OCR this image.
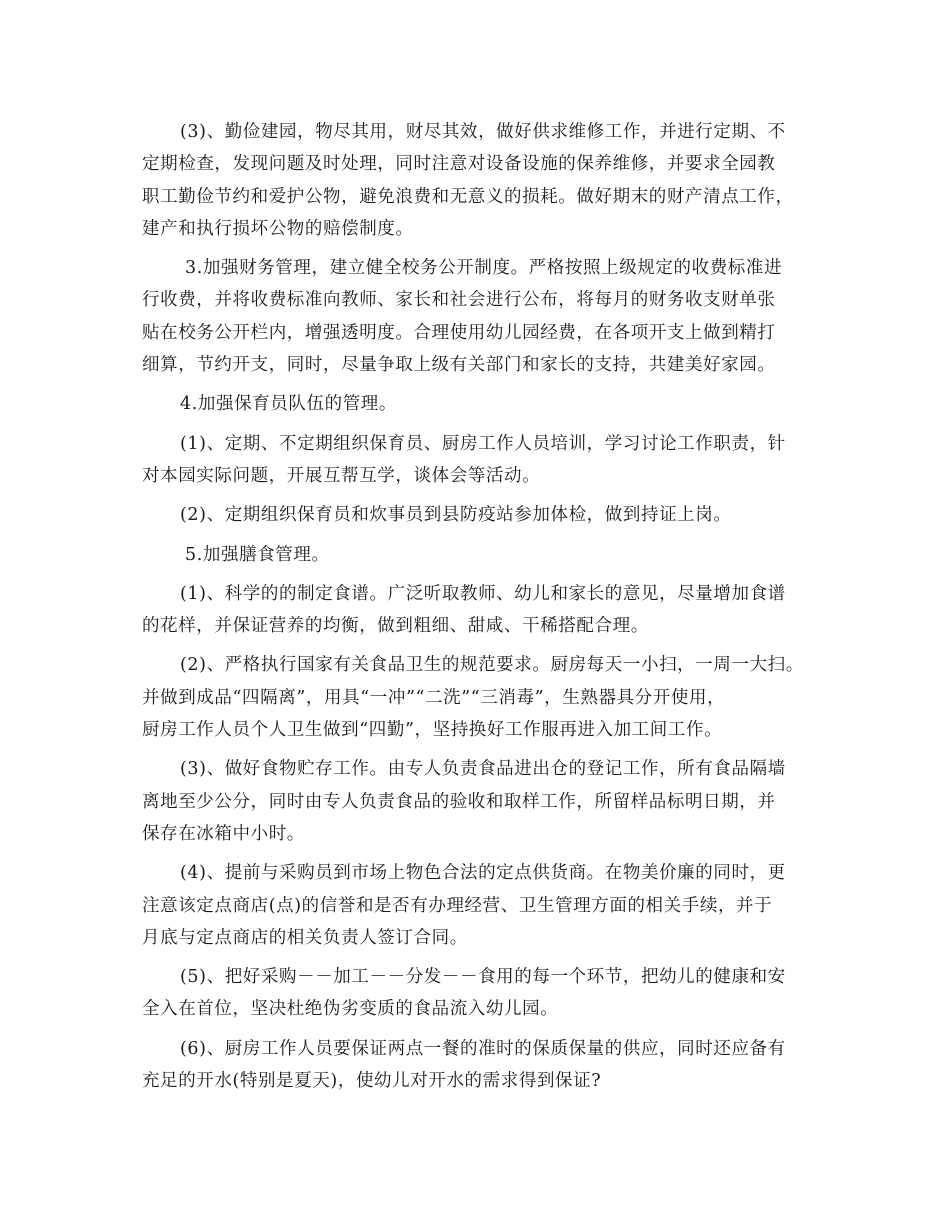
(3)、勤俭建园，物尽其用，财尽其效，做好供求维修工作，并进行定期、不
定期检查，发现问题及时处理，同时注意对设备设施的保养维修，并要求全园教
职工勤俭节约和爱护公物，避免浪费和无意义的损耗。做好期末的财产清点工作，
建产和执行损坏公物的赔偿制度。
3.加强财务管理，建立健全校务公开制度。严格按照上级规定的收费标准进
行收费，并将收费标准向教师、家长和社会进行公布，将每月的财务收支财单张
贴在校务公开栏内，增强透明度。合理使用幼儿园经费，在各项开支上做到精打
细算，节约开支，同时，尽量争取上级有关部门和家长的支持，共建美好家园。
4.加强保育员队伍的管理。
(1)、定期、不定期组织保育员、厨房工作人员培训，学习讨论工作职责，针
对本园实际问题，开展互帮互学，谈体会等活动。
(2)、定期组织保育员和炊事员到县防疫站参加体检，做到持证上岗。
5.加强膳食管理。
(1)、科学的的制定食谱。广泛听取教师、幼儿和家长的意见，尽量增加食谱
的花样，并保证营养的均衡，做到粗细、甜咸、干稀搭配合理。
(2)、严格执行国家有关食品卫生的规范要求。厨房每天一小扫，一周一大扫。
并做到成品“四隔离”，用具“一冲”“二洗”“三消毒”，生熟器具分开使用，
厨房工作人员个人卫生做到“四勤”，坚持换好工作服再进入加工间工作。
(3)、做好食物贮存工作。由专人负责食品进出仓的登记工作，所有食品隔墙
离地至少公分，同时由专人负责食品的验收和取样工作，所留样品标明日期，并
保存在冰箱中小时。
(4)、提前与采购员到市场上物色合法的定点供货商。在物美价廉的同时，更
注意该定点商店(点)的信誉和是否有办理经营、卫生管理方面的相关手续，并于
月底与定点商店的相关负责人签订合同。
(5)、把好采购－－加工－－分发－－食用的每一个环节，把幼儿的健康和安
全入在首位，坚决杜绝伪劣变质的食品流入幼儿园。
(6)、厨房工作人员要保证两点一餐的准时的保质保量的供应，同时还应备有
充足的开水(特别是夏天)，使幼儿对开水的需求得到保证?
